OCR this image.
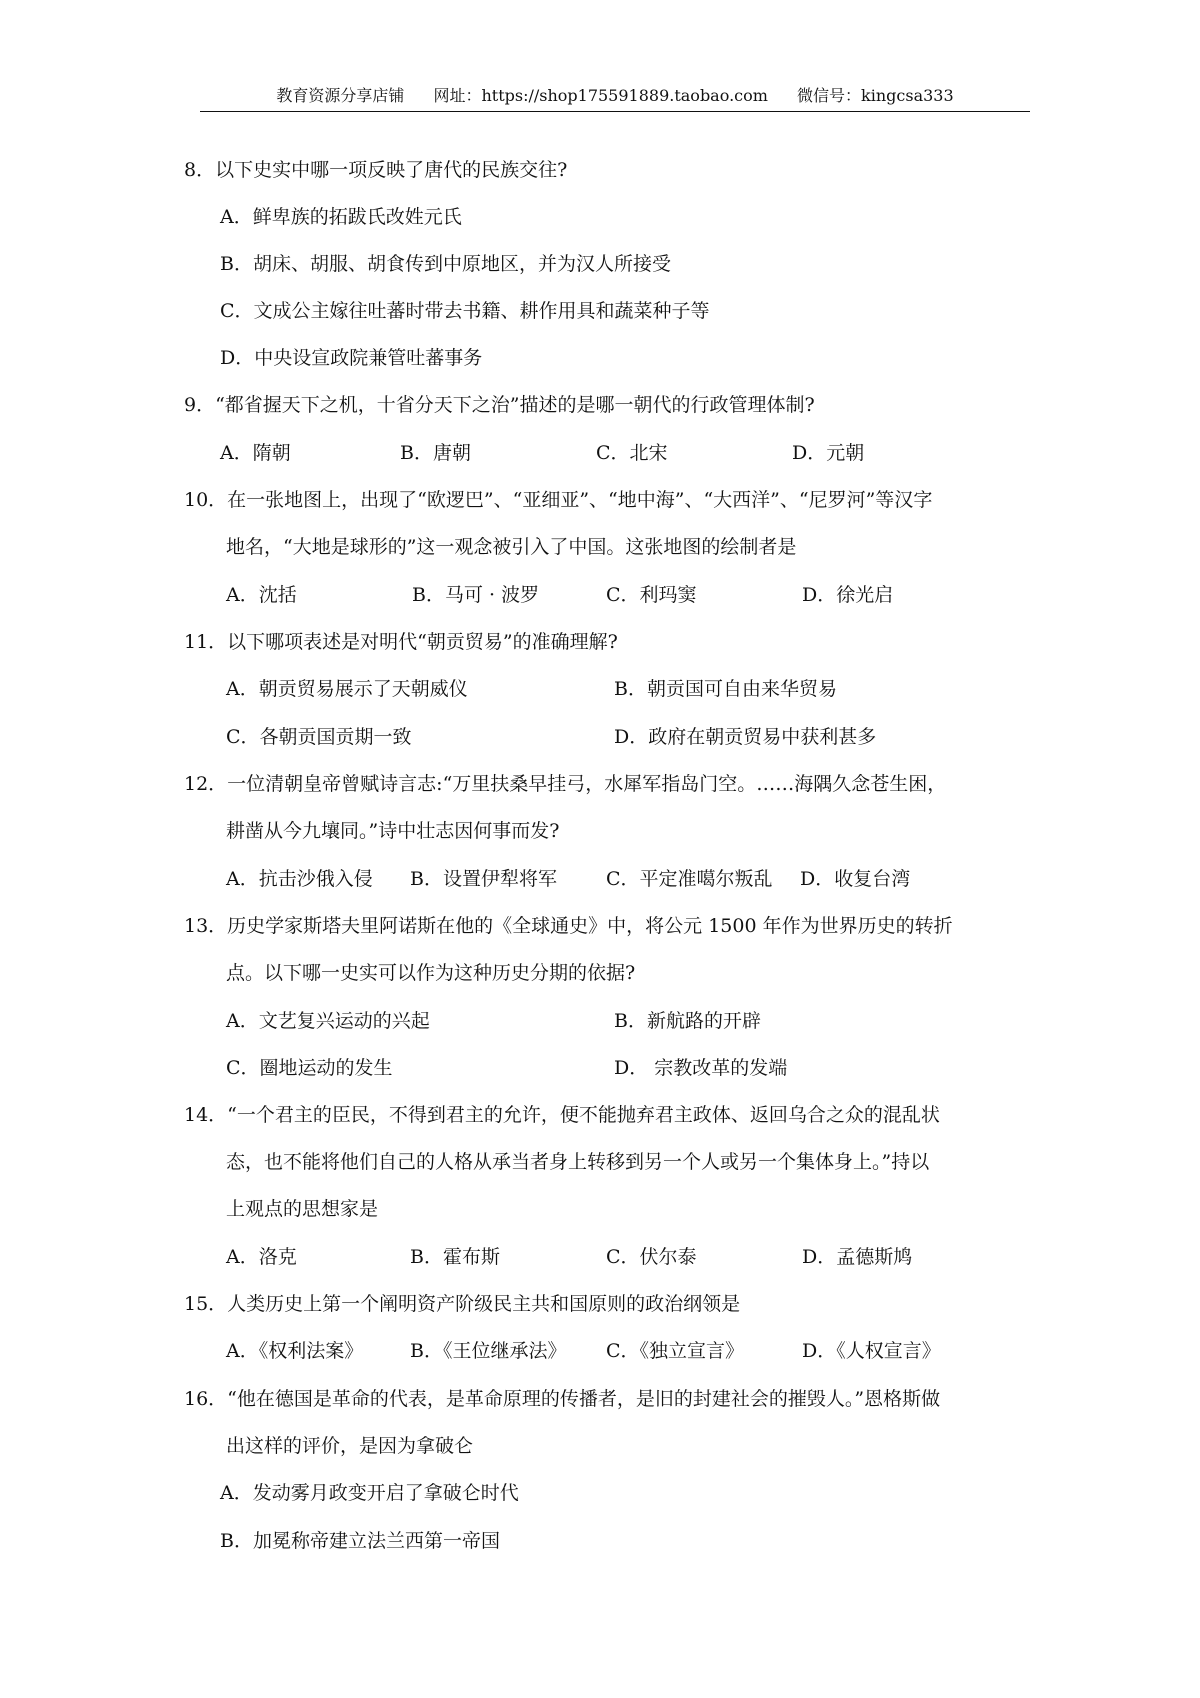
教育资源分享店铺 网址：https://shop175591889.taobao.com 微信号：kingcsa333
8．以下史实中哪一项反映了唐代的民族交往?
A．鲜卑族的拓跋氏改姓元氏
B．胡床、胡服、胡食传到中原地区，并为汉人所接受
C．文成公主嫁往吐蕃时带去书籍、耕作用具和蔬菜种子等
D．中央设宣政院兼管吐蕃事务
9．“都省握天下之机，十省分天下之治”描述的是哪一朝代的行政管理体制?
A．隋朝	B．唐朝	C．北宋	D．元朝
10．在一张地图上，出现了“欧逻巴”、“亚细亚”、“地中海”、“大西洋”、“尼罗河”等汉字
地名，“大地是球形的”这一观念被引入了中国。这张地图的绘制者是
A．沈括	B．马可 · 波罗	C．利玛窦	D．徐光启
11．以下哪项表述是对明代“朝贡贸易”的准确理解?
A．朝贡贸易展示了天朝威仪	B．朝贡国可自由来华贸易
C．各朝贡国贡期一致	D．政府在朝贡贸易中获利甚多
12．一位清朝皇帝曾赋诗言志:“万里扶桑早挂弓，水犀军指岛门空。……海隅久念苍生困，
耕凿从今九壤同。”诗中壮志因何事而发?
A．抗击沙俄入侵 B．设置伊犁将军	C．平定准噶尔叛乱 D．收复台湾
13．历史学家斯塔夫里阿诺斯在他的《全球通史》中，将公元 1500 年作为世界历史的转折
点。以下哪一史实可以作为这种历史分期的依据?
A．文艺复兴运动的兴起	B．新航路的开辟
C．圈地运动的发生	D． 宗教改革的发端
14．“一个君主的臣民，不得到君主的允许，便不能抛弃君主政体、返回乌合之众的混乱状
态，也不能将他们自己的人格从承当者身上转移到另一个人或另一个集体身上。”持以
上观点的思想家是
A．洛克	B．霍布斯	C．伏尔泰	D．孟德斯鸠
15．人类历史上第一个阐明资产阶级民主共和国原则的政治纲领是
A．《权利法案》 B．《王位继承法》 C．《独立宣言》	D．《人权宣言》
16．“他在德国是革命的代表，是革命原理的传播者，是旧的封建社会的摧毁人。”恩格斯做
出这样的评价，是因为拿破仑
A．发动雾月政变开启了拿破仑时代
B．加冕称帝建立法兰西第一帝国
